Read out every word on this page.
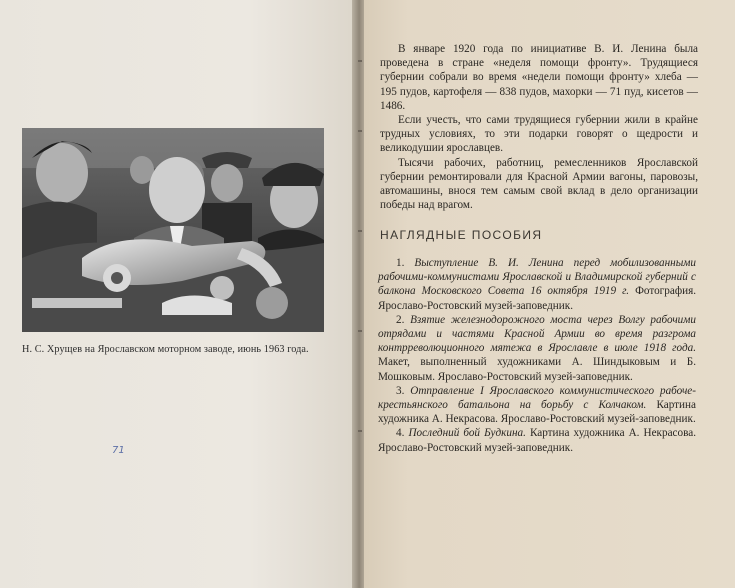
Н. С. Хрущев на Ярославском моторном заводе, июнь 1963 года.
71

В январе 1920 года по инициативе В. И. Ленина была проведена в стране «неделя помощи фронту». Трудящиеся губернии собрали во время «недели помощи фронту» хлеба — 195 пудов, картофеля — 838 пудов, махорки — 71 пуд, кисетов — 1486.

Если учесть, что сами трудящиеся губернии жили в крайне трудных условиях, то эти подарки говорят о щедрости и великодушии ярославцев.

Тысячи рабочих, работниц, ремесленников Ярославской губернии ремонтировали для Красной Армии вагоны, паровозы, автомашины, внося тем самым свой вклад в дело организации победы над врагом.

НАГЛЯДНЫЕ ПОСОБИЯ

1. Выступление В. И. Ленина перед мобилизованными рабочими-коммунистами Ярославской и Владимирской губерний с балкона Московского Совета 16 октября 1919 г. Фотография. Ярославо-Ростовский музей-заповедник.

2. Взятие железнодорожного моста через Волгу рабочими отрядами и частями Красной Армии во время разгрома контрреволюционного мятежа в Ярославле в июле 1918 года. Макет, выполненный художниками А. Шиндыковым и Б. Мошковым. Ярославо-Ростовский музей-заповедник.

3. Отправление I Ярославского коммунистического рабоче-крестьянского батальона на борьбу с Колчаком. Картина художника А. Некрасова. Ярославо-Ростовский музей-заповедник.

4. Последний бой Будкина. Картина художника А. Некрасова. Ярославо-Ростовский музей-заповедник.
